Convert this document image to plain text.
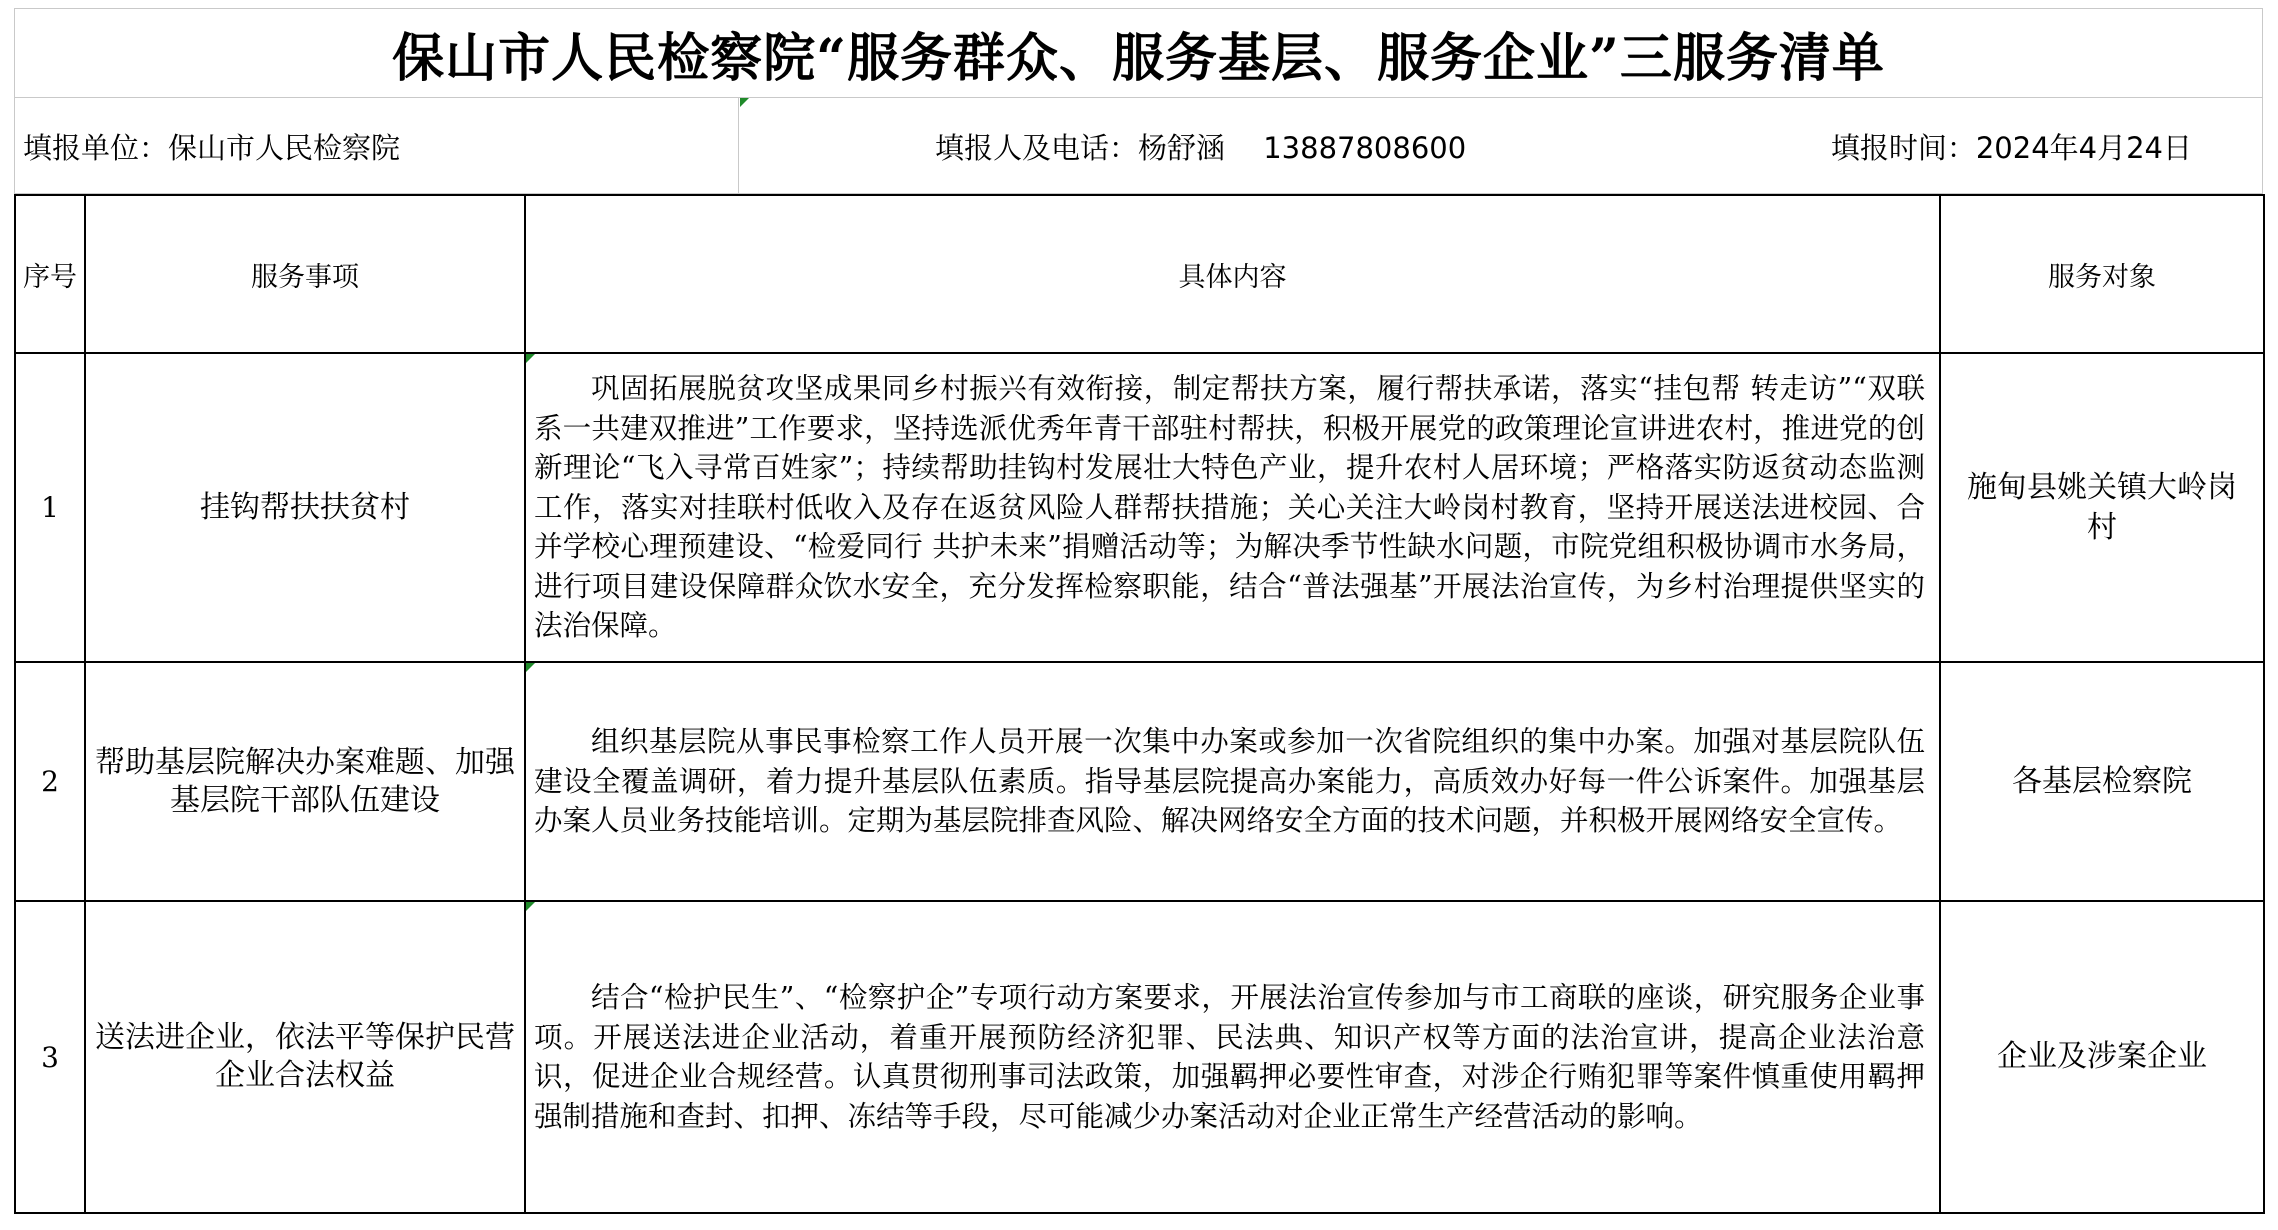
保山市人民检察院“服务群众、服务基层、服务企业”三服务清单
填报单位：保山市人民检察院	填报人及电话：杨舒涵　 13887808600	填报时间：2024年4月24日
序号	服务事项	具体内容	服务对象
1	挂钩帮扶扶贫村	巩固拓展脱贫攻坚成果同乡村振兴有效衔接，制定帮扶方案，履行帮扶承诺，落实“挂包帮 转走访”“双联系一共建双推进”工作要求，坚持选派优秀年青干部驻村帮扶，积极开展党的政策理论宣讲进农村，推进党的创新理论“飞入寻常百姓家”；持续帮助挂钩村发展壮大特色产业，提升农村人居环境；严格落实防返贫动态监测工作，落实对挂联村低收入及存在返贫风险人群帮扶措施；关心关注大岭岗村教育，坚持开展送法进校园、合并学校心理预建设、“检爱同行 共护未来”捐赠活动等；为解决季节性缺水问题，市院党组积极协调市水务局，进行项目建设保障群众饮水安全，充分发挥检察职能，结合“普法强基”开展法治宣传，为乡村治理提供坚实的法治保障。	施甸县姚关镇大岭岗村
2	帮助基层院解决办案难题、加强基层院干部队伍建设	组织基层院从事民事检察工作人员开展一次集中办案或参加一次省院组织的集中办案。加强对基层院队伍建设全覆盖调研，着力提升基层队伍素质。指导基层院提高办案能力，高质效办好每一件公诉案件。加强基层办案人员业务技能培训。定期为基层院排查风险、解决网络安全方面的技术问题，并积极开展网络安全宣传。	各基层检察院
3	送法进企业，依法平等保护民营企业合法权益	结合“检护民生”、“检察护企”专项行动方案要求，开展法治宣传参加与市工商联的座谈，研究服务企业事项。开展送法进企业活动，着重开展预防经济犯罪、民法典、知识产权等方面的法治宣讲，提高企业法治意识，促进企业合规经营。认真贯彻刑事司法政策，加强羁押必要性审查，对涉企行贿犯罪等案件慎重使用羁押强制措施和查封、扣押、冻结等手段，尽可能减少办案活动对企业正常生产经营活动的影响。	企业及涉案企业
